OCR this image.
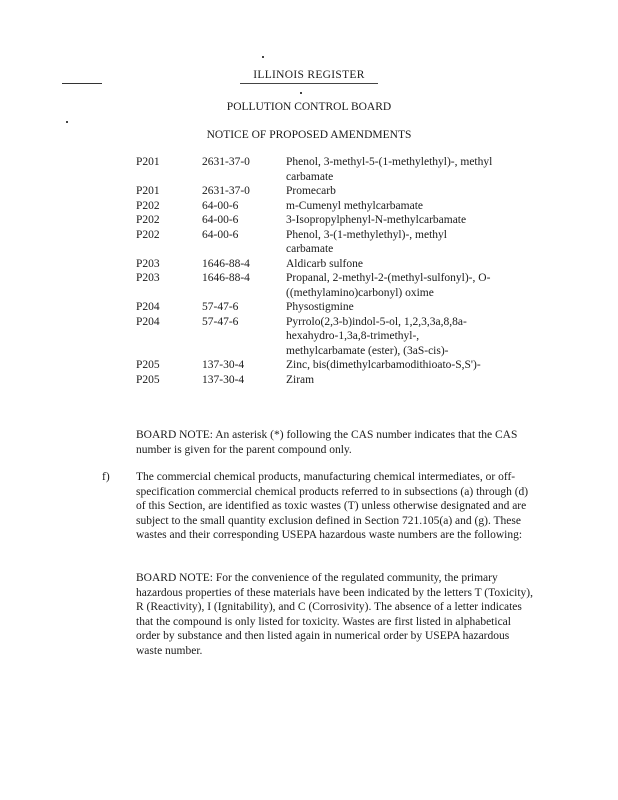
ILLINOIS REGISTER
POLLUTION CONTROL BOARD
NOTICE OF PROPOSED AMENDMENTS
P201	2631-37-0	Phenol, 3-methyl-5-(1-methylethyl)-, methyl carbamate
P201	2631-37-0	Promecarb
P202	64-00-6	m-Cumenyl methylcarbamate
P202	64-00-6	3-Isopropylphenyl-N-methylcarbamate
P202	64-00-6	Phenol, 3-(1-methylethyl)-, methyl carbamate
P203	1646-88-4	Aldicarb sulfone
P203	1646-88-4	Propanal, 2-methyl-2-(methyl-sulfonyl)-, O-((methylamino)carbonyl) oxime
P204	57-47-6	Physostigmine
P204	57-47-6	Pyrrolo(2,3-b)indol-5-ol, 1,2,3,3a,8,8a-hexahydro-1,3a,8-trimethyl-, methylcarbamate (ester), (3aS-cis)-
P205	137-30-4	Zinc, bis(dimethylcarbamodithioato-S,S')-
P205	137-30-4	Ziram

BOARD NOTE: An asterisk (*) following the CAS number indicates that the CAS number is given for the parent compound only.

f) The commercial chemical products, manufacturing chemical intermediates, or off-specification commercial chemical products referred to in subsections (a) through (d) of this Section, are identified as toxic wastes (T) unless otherwise designated and are subject to the small quantity exclusion defined in Section 721.105(a) and (g). These wastes and their corresponding USEPA hazardous waste numbers are the following:

BOARD NOTE: For the convenience of the regulated community, the primary hazardous properties of these materials have been indicated by the letters T (Toxicity), R (Reactivity), I (Ignitability), and C (Corrosivity). The absence of a letter indicates that the compound is only listed for toxicity. Wastes are first listed in alphabetical order by substance and then listed again in numerical order by USEPA hazardous waste number.
